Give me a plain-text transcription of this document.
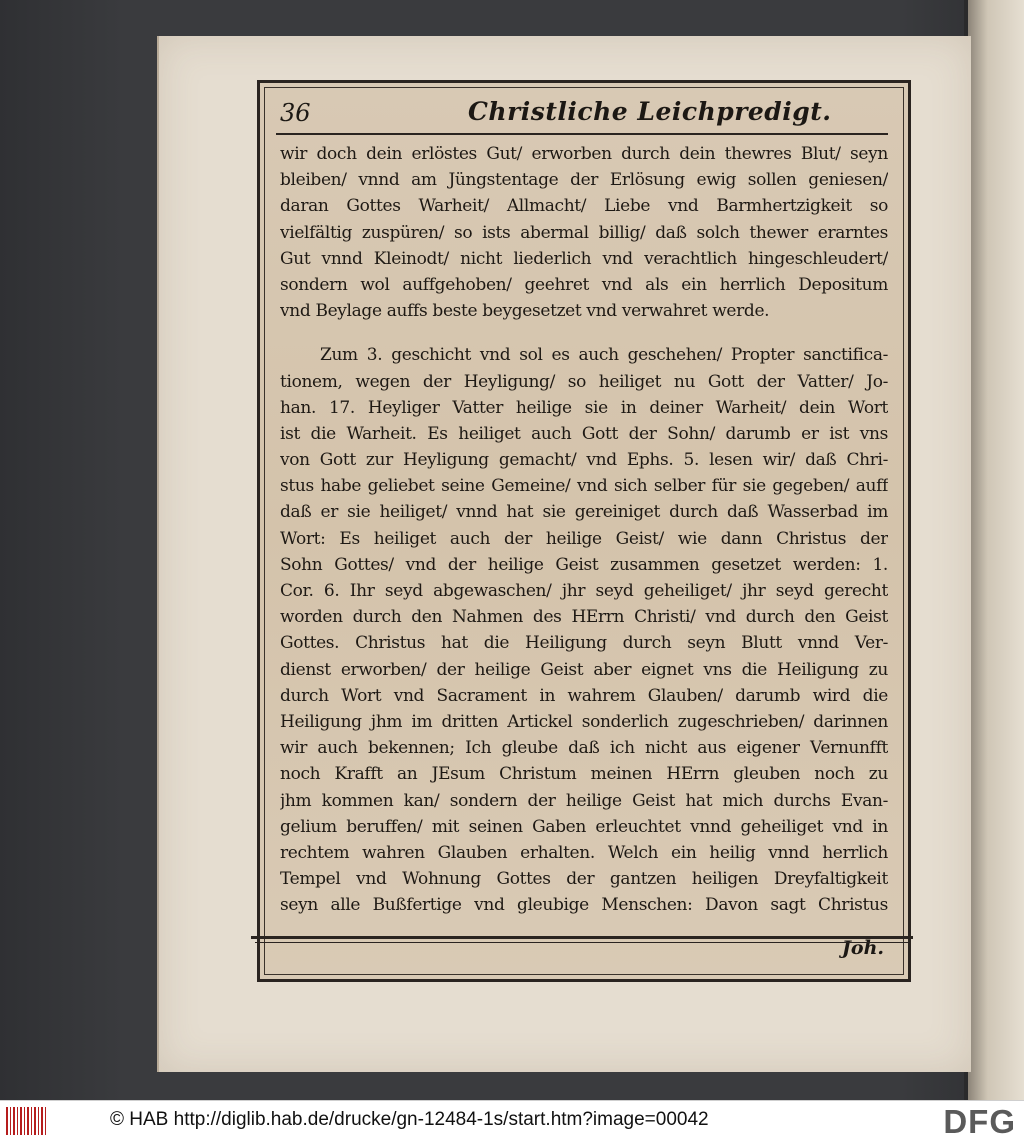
36	Christliche Leichpredigt.
wir doch dein erlöstes Gut/ erworben durch dein thewres Blut/ seyn
bleiben/ vnnd am Jüngstentage der Erlösung ewig sollen geniesen/
daran Gottes Warheit/ Allmacht/ Liebe vnd Barmhertzigkeit so
vielfältig zuspüren/ so ists abermal billig/ daß solch thewer erarntes
Gut vnnd Kleinodt/ nicht liederlich vnd verachtlich hingeschleudert/
sondern wol auffgehoben/ geehret vnd als ein herrlich Depositum
vnd Beylage auffs beste beygesetzet vnd verwahret werde.
Zum 3. geschicht vnd sol es auch geschehen/ Propter sanctifica-
tionem, wegen der Heyligung/ so heiliget nu Gott der Vatter/ Jo-
han. 17. Heyliger Vatter heilige sie in deiner Warheit/ dein Wort
ist die Warheit. Es heiliget auch Gott der Sohn/ darumb er ist vns
von Gott zur Heyligung gemacht/ vnd Ephs. 5. lesen wir/ daß Chri-
stus habe geliebet seine Gemeine/ vnd sich selber für sie gegeben/ auff
daß er sie heiliget/ vnnd hat sie gereiniget durch daß Wasserbad im
Wort: Es heiliget auch der heilige Geist/ wie dann Christus der
Sohn Gottes/ vnd der heilige Geist zusammen gesetzet werden: 1.
Cor. 6. Ihr seyd abgewaschen/ jhr seyd geheiliget/ jhr seyd gerecht
worden durch den Nahmen des HErrn Christi/ vnd durch den Geist
Gottes. Christus hat die Heiligung durch seyn Blutt vnnd Ver-
dienst erworben/ der heilige Geist aber eignet vns die Heiligung zu
durch Wort vnd Sacrament in wahrem Glauben/ darumb wird die
Heiligung jhm im dritten Artickel sonderlich zugeschrieben/ darinnen
wir auch bekennen; Ich gleube daß ich nicht aus eigener Vernunfft
noch Krafft an JEsum Christum meinen HErrn gleuben noch zu
jhm kommen kan/ sondern der heilige Geist hat mich durchs Evan-
gelium beruffen/ mit seinen Gaben erleuchtet vnnd geheiliget vnd in
rechtem wahren Glauben erhalten. Welch ein heilig vnnd herrlich
Tempel vnd Wohnung Gottes der gantzen heiligen Dreyfaltigkeit
seyn alle Bußfertige vnd gleubige Menschen: Davon sagt Christus
Joh.
© HAB http://diglib.hab.de/drucke/gn-12484-1s/start.htm?image=00042	DFG
